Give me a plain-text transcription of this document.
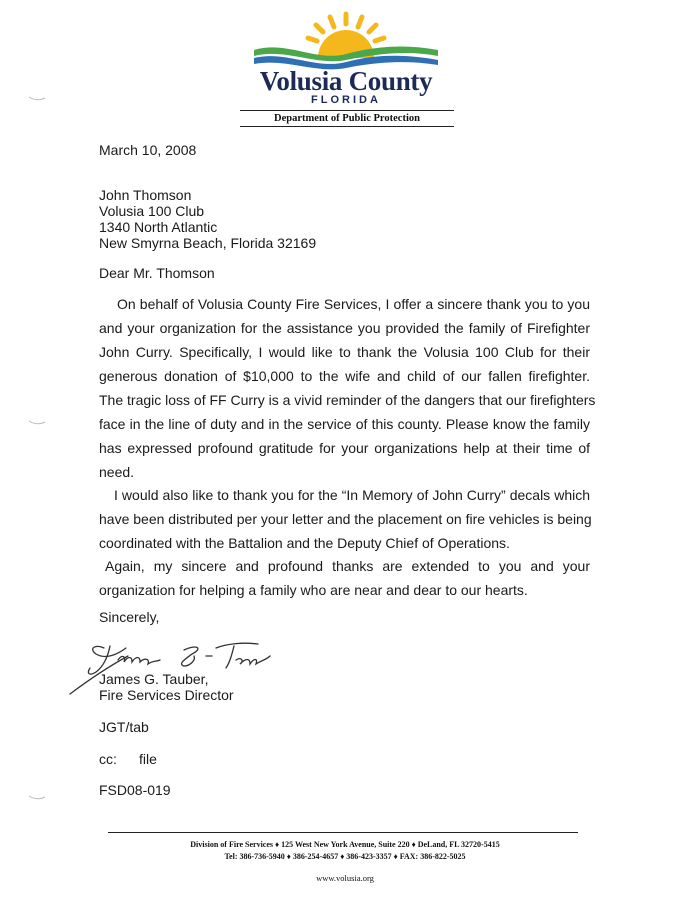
Volusia County
FLORIDA
Department of Public Protection
March 10, 2008
John Thomson
Volusia 100 Club
1340 North Atlantic
New Smyrna Beach, Florida 32169
Dear Mr. Thomson
On behalf of Volusia County Fire Services, I offer a sincere thank you to you
and your organization for the assistance you provided the family of Firefighter
John Curry. Specifically, I would like to thank the Volusia 100 Club for their
generous donation of $10,000 to the wife and child of our fallen firefighter.
The tragic loss of FF Curry is a vivid reminder of the dangers that our firefighters
face in the line of duty and in the service of this county. Please know the family
has expressed profound gratitude for your organizations help at their time of
need.
I would also like to thank you for the “In Memory of John Curry” decals which
have been distributed per your letter and the placement on fire vehicles is being
coordinated with the Battalion and the Deputy Chief of Operations.
Again, my sincere and profound thanks are extended to you and your
organization for helping a family who are near and dear to our hearts.
Sincerely,
James G. Tauber,
Fire Services Director
JGT/tab
cc: file
FSD08-019
Division of Fire Services ♦ 125 West New York Avenue, Suite 220 ♦ DeLand, FL 32720-5415
Tel: 386-736-5940 ♦ 386-254-4657 ♦ 386-423-3357 ♦ FAX: 386-822-5025
www.volusia.org
